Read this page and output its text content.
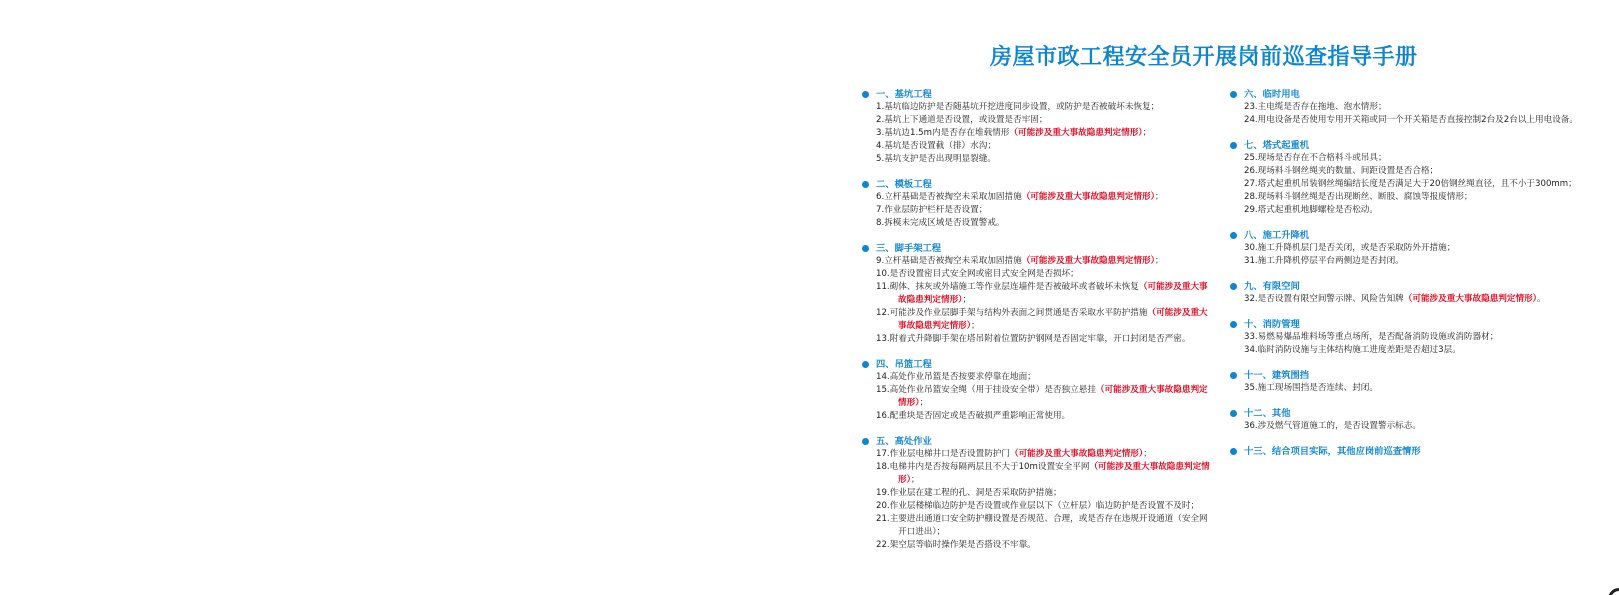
房屋市政工程安全员开展岗前巡查指导手册
一、基坑工程
1.基坑临边防护是否随基坑开挖进度同步设置，或防护是否被破坏未恢复；
2.基坑上下通道是否设置，或设置是否牢固；
3.基坑边1.5m内是否存在堆载情形（可能涉及重大事故隐患判定情形）；
4.基坑是否设置截（排）水沟；
5.基坑支护是否出现明显裂缝。
二、模板工程
6.立杆基础是否被掏空未采取加固措施（可能涉及重大事故隐患判定情形）；
7.作业层防护栏杆是否设置；
8.拆模未完成区域是否设置警戒。
三、脚手架工程
9.立杆基础是否被掏空未采取加固措施（可能涉及重大事故隐患判定情形）；
10.是否设置密目式安全网或密目式安全网是否损坏；
11.砌体、抹灰或外墙施工等作业层连墙件是否被破坏或者破坏未恢复（可能涉及重大事故隐患判定情形）；
12.可能涉及作业层脚手架与结构外表面之间贯通是否采取水平防护措施（可能涉及重大事故隐患判定情形）；
13.附着式升降脚手架在塔吊附着位置防护钢网是否固定牢靠，开口封闭是否严密。
四、吊篮工程
14.高处作业吊篮是否按要求停靠在地面；
15.高处作业吊篮安全绳（用于挂设安全带）是否独立悬挂（可能涉及重大事故隐患判定情形）；
16.配重块是否固定或是否破损严重影响正常使用。
五、高处作业
17.作业层电梯井口是否设置防护门（可能涉及重大事故隐患判定情形）；
18.电梯井内是否按每隔两层且不大于10m设置安全平网（可能涉及重大事故隐患判定情形）；
19.作业层在建工程的孔、洞是否采取防护措施；
20.作业层楼梯临边防护是否设置或作业层以下（立杆层）临边防护是否设置不及时；
21.主要进出通道口安全防护棚设置是否规范、合理，或是否存在违规开设通道（安全网开口进出）；
22.架空层等临时操作架是否搭设不牢靠。
六、临时用电
23.主电缆是否存在拖地、泡水情形；
24.用电设备是否使用专用开关箱或同一个开关箱是否直接控制2台及2台以上用电设备。
七、塔式起重机
25.现场是否存在不合格料斗或吊具；
26.现场料斗钢丝绳夹的数量、间距设置是否合格；
27.塔式起重机吊装钢丝绳编结长度是否满足大于20倍钢丝绳直径，且不小于300mm；
28.现场料斗钢丝绳是否出现断丝、断股、腐蚀等报废情形；
29.塔式起重机地脚螺栓是否松动。
八、施工升降机
30.施工升降机层门是否关闭，或是否采取防外开措施；
31.施工升降机停层平台两侧边是否封闭。
九、有限空间
32.是否设置有限空间警示牌、风险告知牌（可能涉及重大事故隐患判定情形）。
十、消防管理
33.易燃易爆品堆料场等重点场所，是否配备消防设施或消防器材；
34.临时消防设施与主体结构施工进度差距是否超过3层。
十一、建筑围挡
35.施工现场围挡是否连续、封闭。
十二、其他
36.涉及燃气管道施工的，是否设置警示标志。
十三、结合项目实际，其他应岗前巡查情形
